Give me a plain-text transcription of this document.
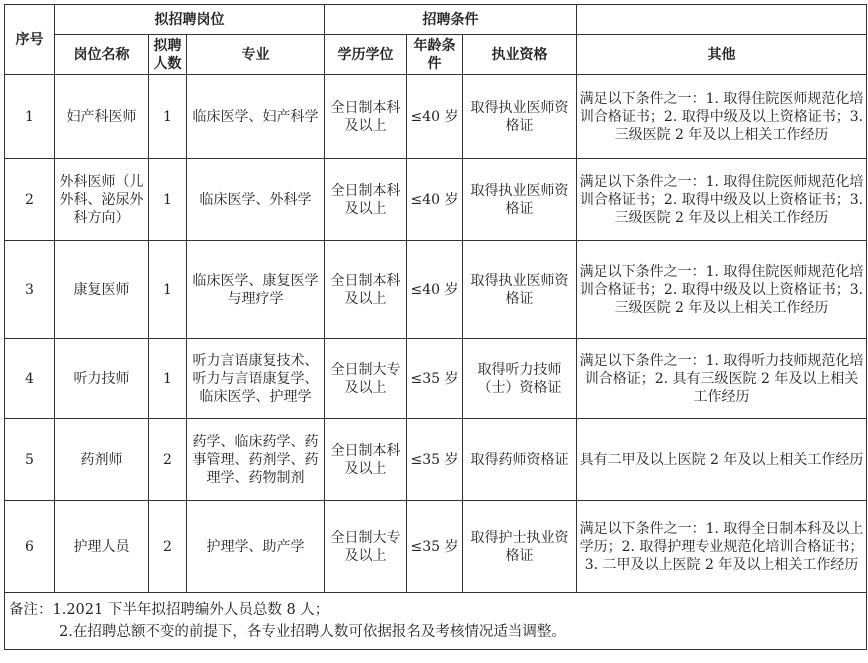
序号	拟招聘岗位			招聘条件			
	岗位名称	拟聘人数	专业	学历学位	年龄条件	执业资格	其他
1	妇产科医师	1	临床医学、妇产科学	全日制本科及以上	≤40 岁	取得执业医师资格证	满足以下条件之一：1. 取得住院医师规范化培训合格证书；2. 取得中级及以上资格证书；3. 三级医院 2 年及以上相关工作经历
2	外科医师（儿外科、泌尿外科方向）	1	临床医学、外科学	全日制本科及以上	≤40 岁	取得执业医师资格证	满足以下条件之一：1. 取得住院医师规范化培训合格证书；2. 取得中级及以上资格证书；3. 三级医院 2 年及以上相关工作经历
3	康复医师	1	临床医学、康复医学与理疗学	全日制本科及以上	≤40 岁	取得执业医师资格证	满足以下条件之一：1. 取得住院医师规范化培训合格证书；2. 取得中级及以上资格证书；3. 三级医院 2 年及以上相关工作经历
4	听力技师	1	听力言语康复技术、听力与言语康复学、临床医学、护理学	全日制大专及以上	≤35 岁	取得听力技师（士）资格证	满足以下条件之一：1. 取得听力技师规范化培训合格证；2. 具有三级医院 2 年及以上相关工作经历
5	药剂师	2	药学、临床药学、药事管理、药剂学、药理学、药物制剂	全日制本科及以上	≤35 岁	取得药师资格证	具有二甲及以上医院 2 年及以上相关工作经历
6	护理人员	2	护理学、助产学	全日制大专及以上	≤35 岁	取得护士执业资格证	满足以下条件之一：1. 取得全日制本科及以上学历；2. 取得护理专业规范化培训合格证书；3. 二甲及以上医院 2 年及以上相关工作经历

备注：1.2021 下半年拟招聘编外人员总数 8 人；
2.在招聘总额不变的前提下，各专业招聘人数可依据报名及考核情况适当调整。							
